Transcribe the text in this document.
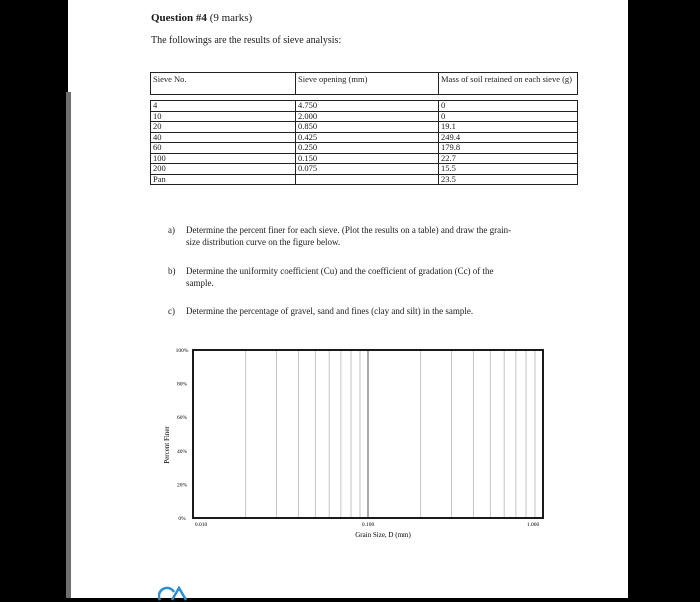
Question #4 (9 marks)
The followings are the results of sieve analysis:
Sieve No.	Sieve opening (mm)	Mass of soil retained on each sieve (g)

4	4.750	0
10	2.000	0
20	0.850	19.1
40	0.425	249.4
60	0.250	179.8
100	0.150	22.7
200	0.075	15.5
Pan		23.5
a) Determine the percent finer for each sieve. (Plot the results on a table) and draw the grain-
size distribution curve on the figure below.
b) Determine the uniformity coefficient (Cu) and the coefficient of gradation (Cc) of the
sample.
c) Determine the percentage of gravel, sand and fines (clay and silt) in the sample.
0%
20%
40%
60%
80%
100%
0.010	0.100	1.000
Grain Size, D (mm)
Percent Finer
